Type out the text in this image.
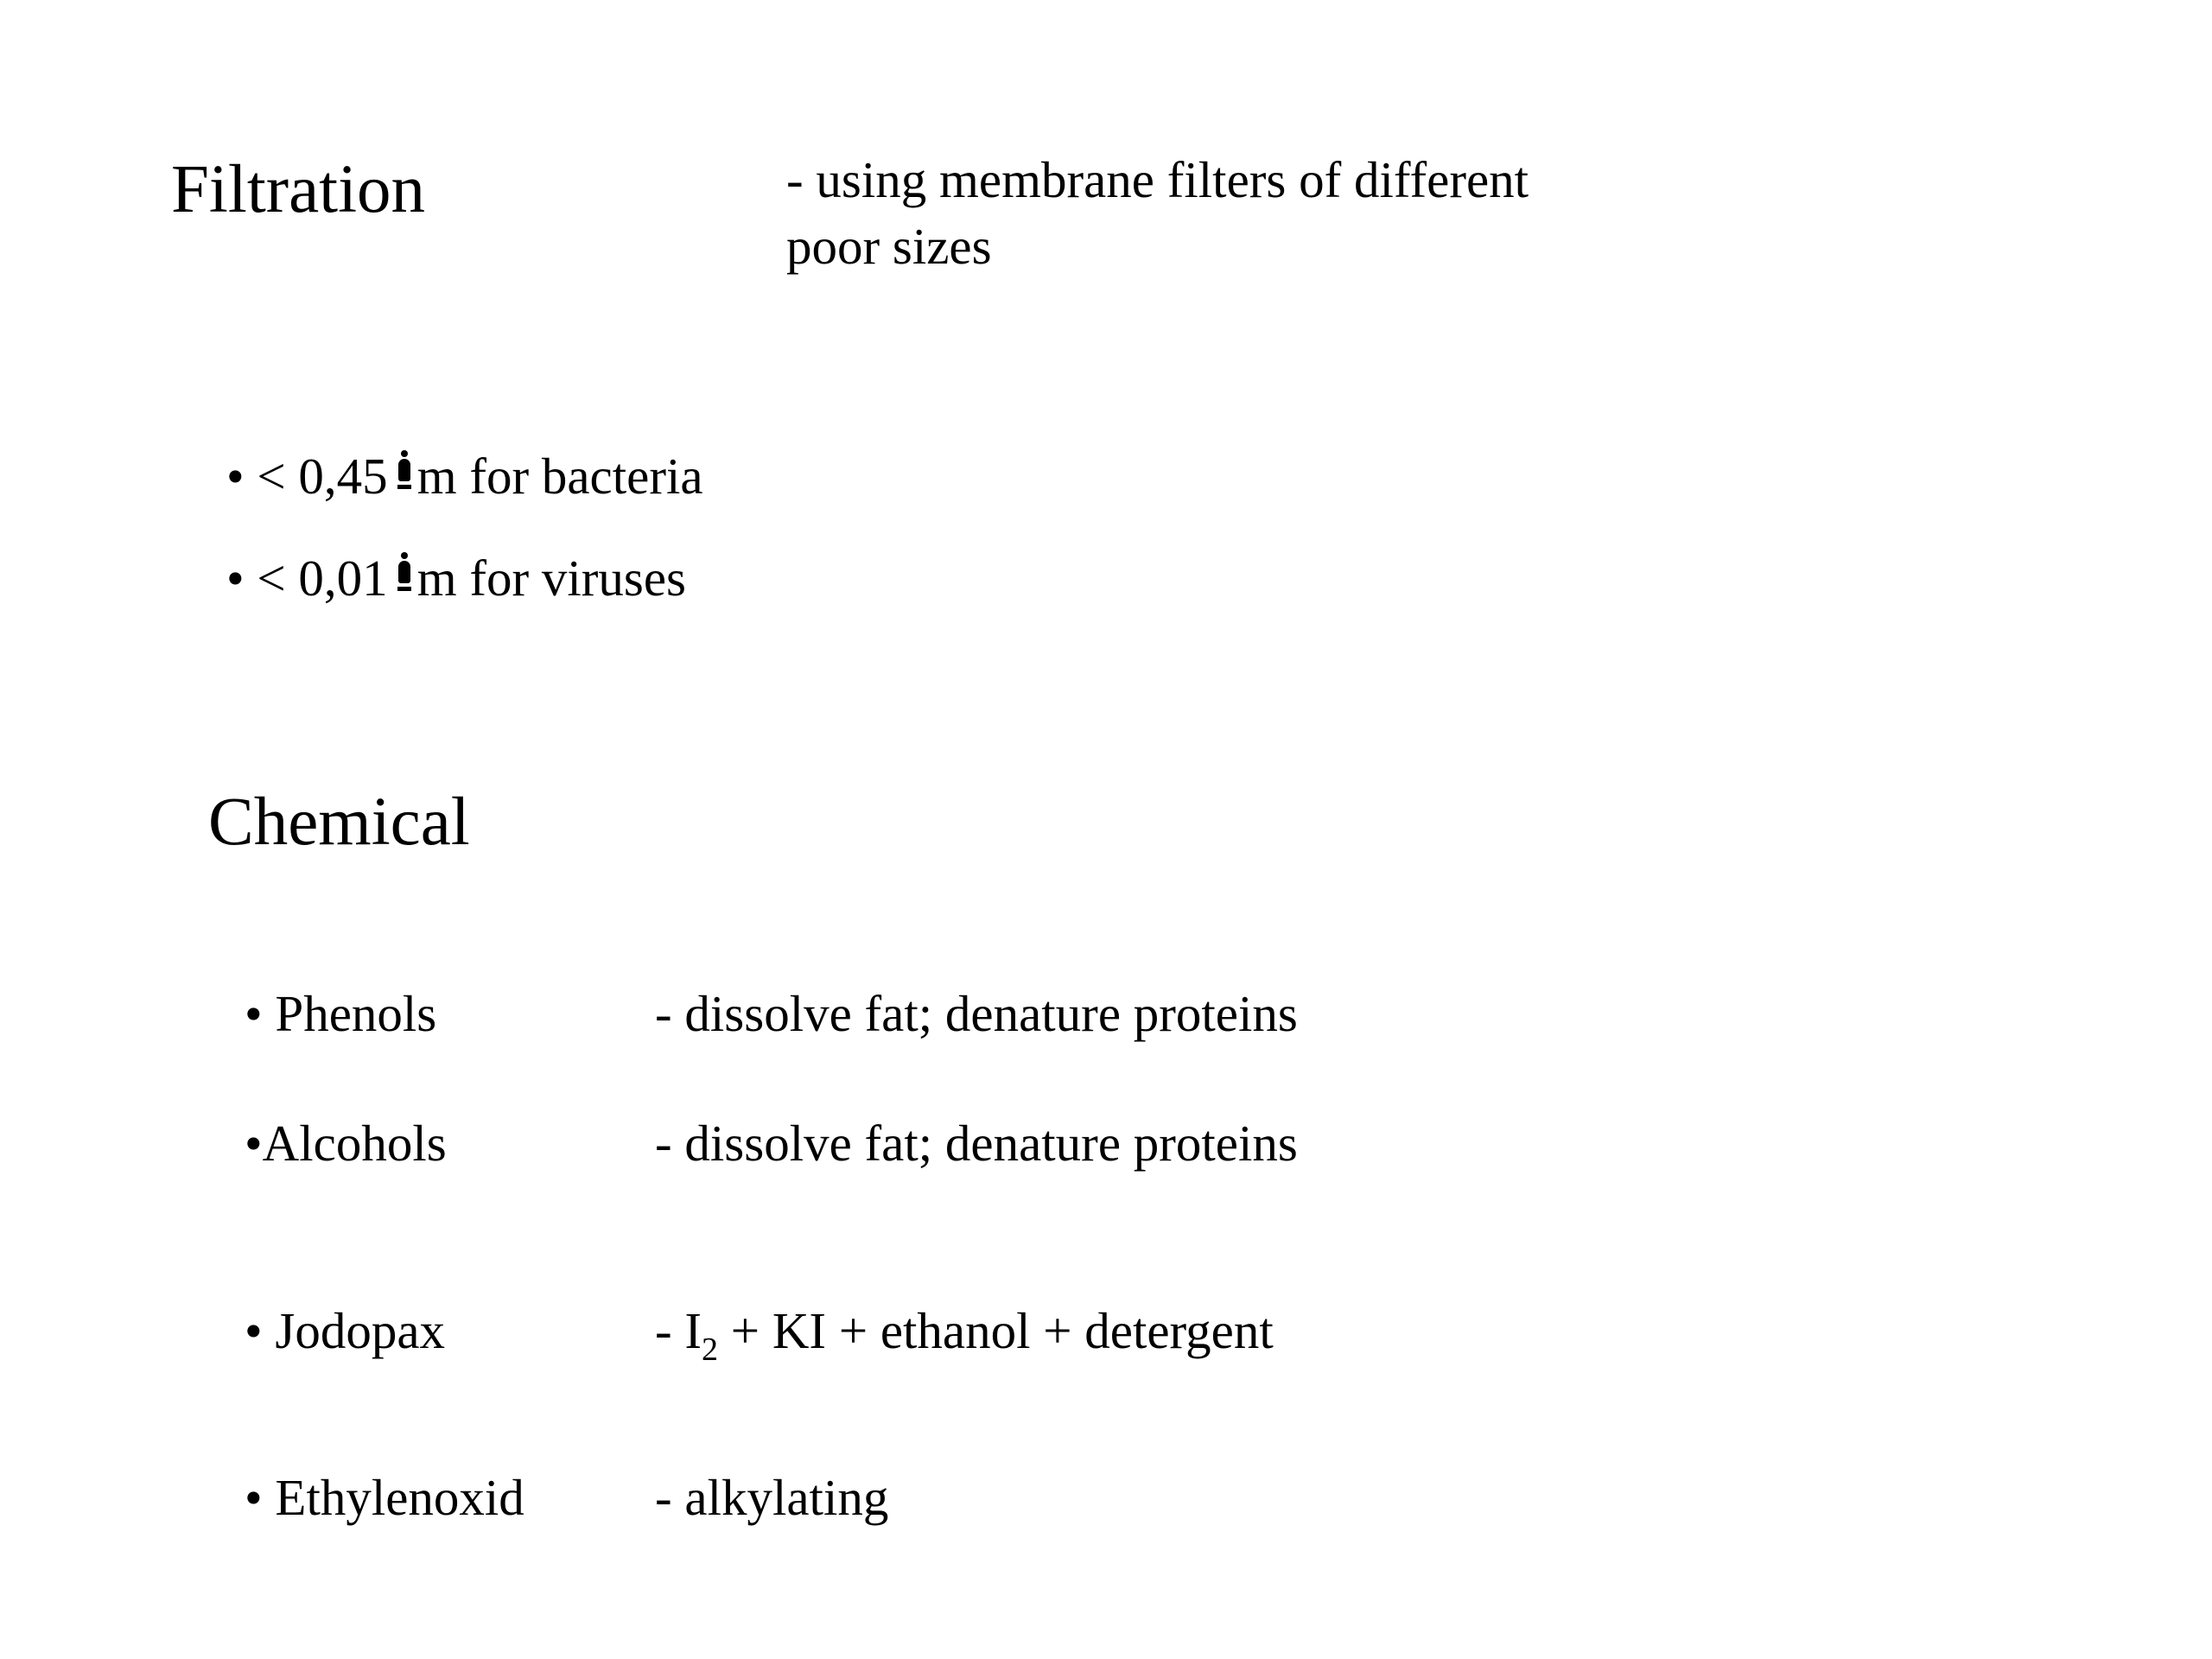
Filtration	- using membrane filters of different
poor sizes
• < 0,45 m for bacteria
• < 0,01 m for viruses
Chemical
• Phenols	- dissolve fat; denature proteins
•Alcohols	- dissolve fat; denature proteins
• Jodopax	- $I_2$ + KI + ethanol + detergent
• Ethylenoxid	- alkylating
